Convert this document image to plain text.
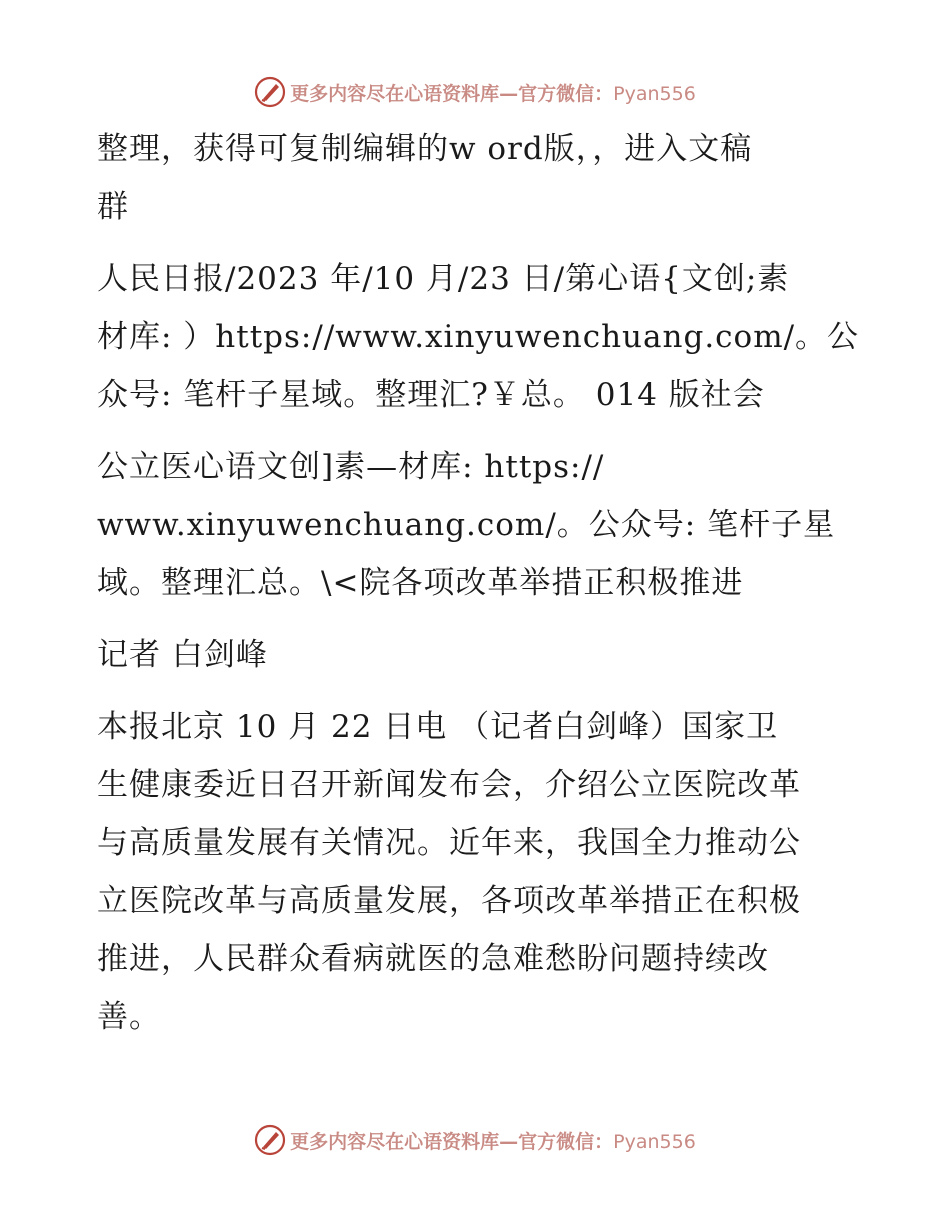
更多内容尽在心语资料库—官方微信：Pyan556

整理，获得可复制编辑的w ord版，，进入文稿
群

人民日报/2023 年/10 月/23 日/第心语{文创;素
材库: ）https://www.xinyuwenchuang.com/。公
众号: 笔杆子星域。整理汇?￥总。 014 版社会

公立医心语文创]素—材库: https://
www.xinyuwenchuang.com/。公众号: 笔杆子星
域。整理汇总。\<院各项改革举措正积极推进

记者 白剑峰

本报北京 10 月 22 日电 （记者白剑峰）国家卫
生健康委近日召开新闻发布会，介绍公立医院改革
与高质量发展有关情况。近年来，我国全力推动公
立医院改革与高质量发展，各项改革举措正在积极
推进，人民群众看病就医的急难愁盼问题持续改
善。

更多内容尽在心语资料库—官方微信：Pyan556
